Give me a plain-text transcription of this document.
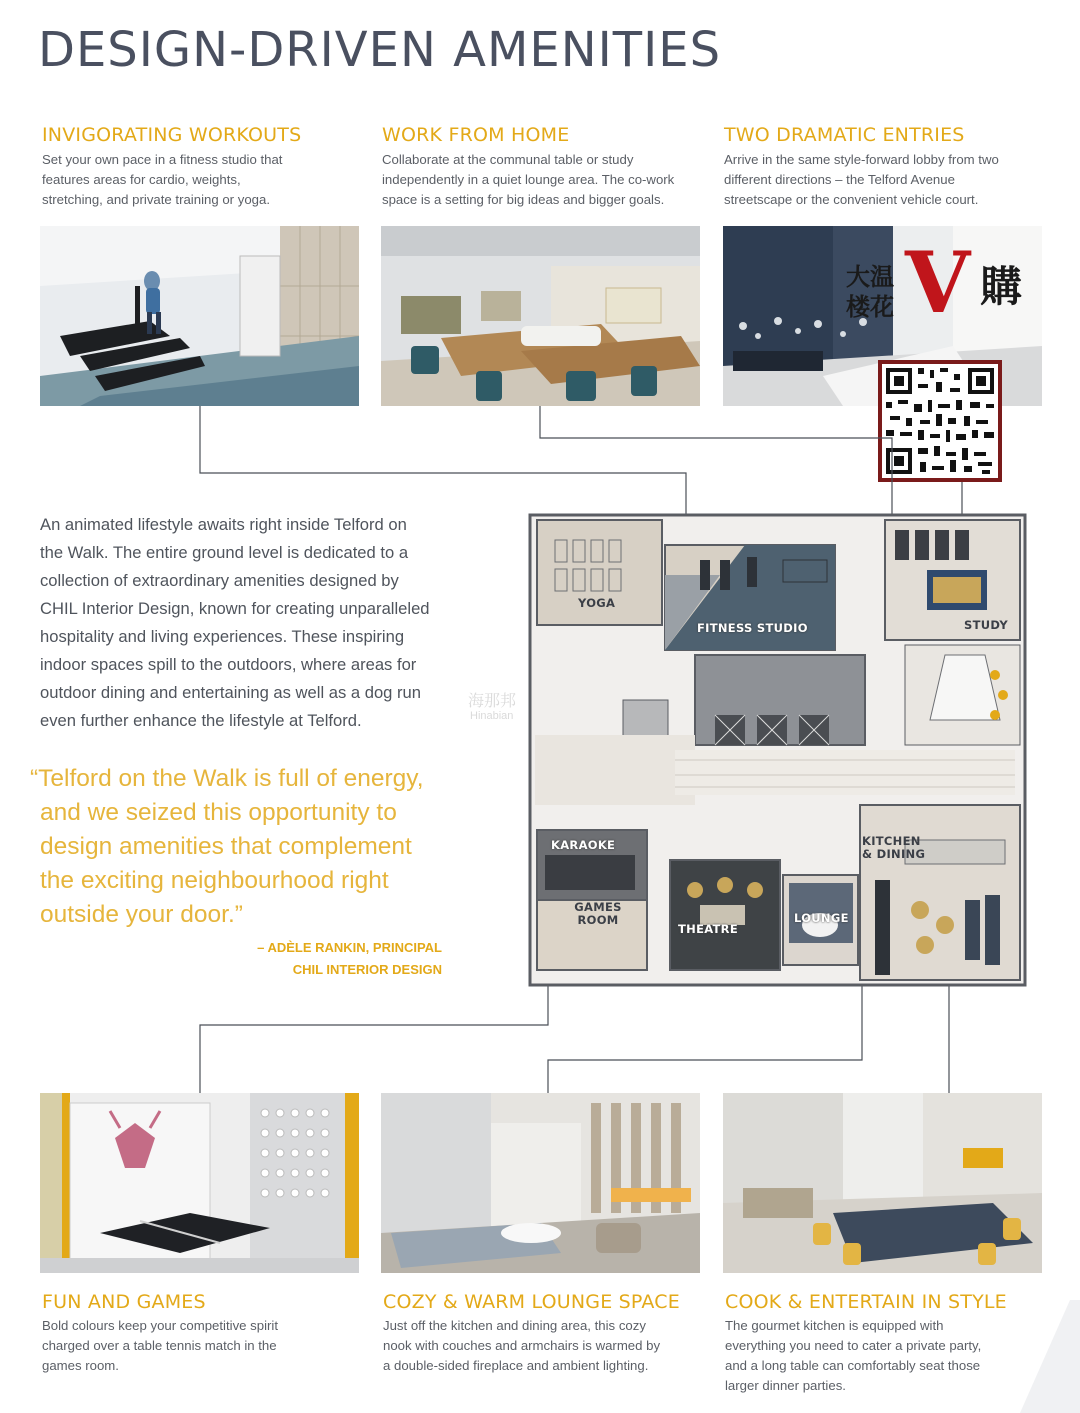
DESIGN-DRIVEN AMENITIES
INVIGORATING WORKOUTS

Set your own pace in a fitness studio that
features areas for cardio, weights,
stretching, and private training or yoga.

WORK FROM HOME

Collaborate at the communal table or study
independently in a quiet lounge area. The co-work
space is a setting for big ideas and bigger goals.

TWO DRAMATIC ENTRIES

Arrive in the same style-forward lobby from two
different directions – the Telford Avenue
streetscape or the convenient vehicle court.

大温楼花 V 購

An animated lifestyle awaits right inside Telford on
the Walk. The entire ground level is dedicated to a
collection of extraordinary amenities designed by
CHIL Interior Design, known for creating unparalleled
hospitality and living experiences. These inspiring
indoor spaces spill to the outdoors, where areas for
outdoor dining and entertaining as well as a dog run
even further enhance the lifestyle at Telford.

“Telford on the Walk is full of energy,
and we seized this opportunity to
design amenities that complement
the exciting neighbourhood right
outside your door.”

– ADÈLE RANKIN, PRINCIPAL
CHIL INTERIOR DESIGN
YOGA
FITNESS STUDIO	STUDY
KARAOKE
GAMES
ROOM
THEATRE
LOUNGE
KITCHEN
& DINING
海那邦
Hinabian
FUN AND GAMES

Bold colours keep your competitive spirit
charged over a table tennis match in the
games room.

COZY & WARM LOUNGE SPACE

Just off the kitchen and dining area, this cozy
nook with couches and armchairs is warmed by
a double-sided fireplace and ambient lighting.

COOK & ENTERTAIN IN STYLE

The gourmet kitchen is equipped with
everything you need to cater a private party,
and a long table can comfortably seat those
larger dinner parties.
